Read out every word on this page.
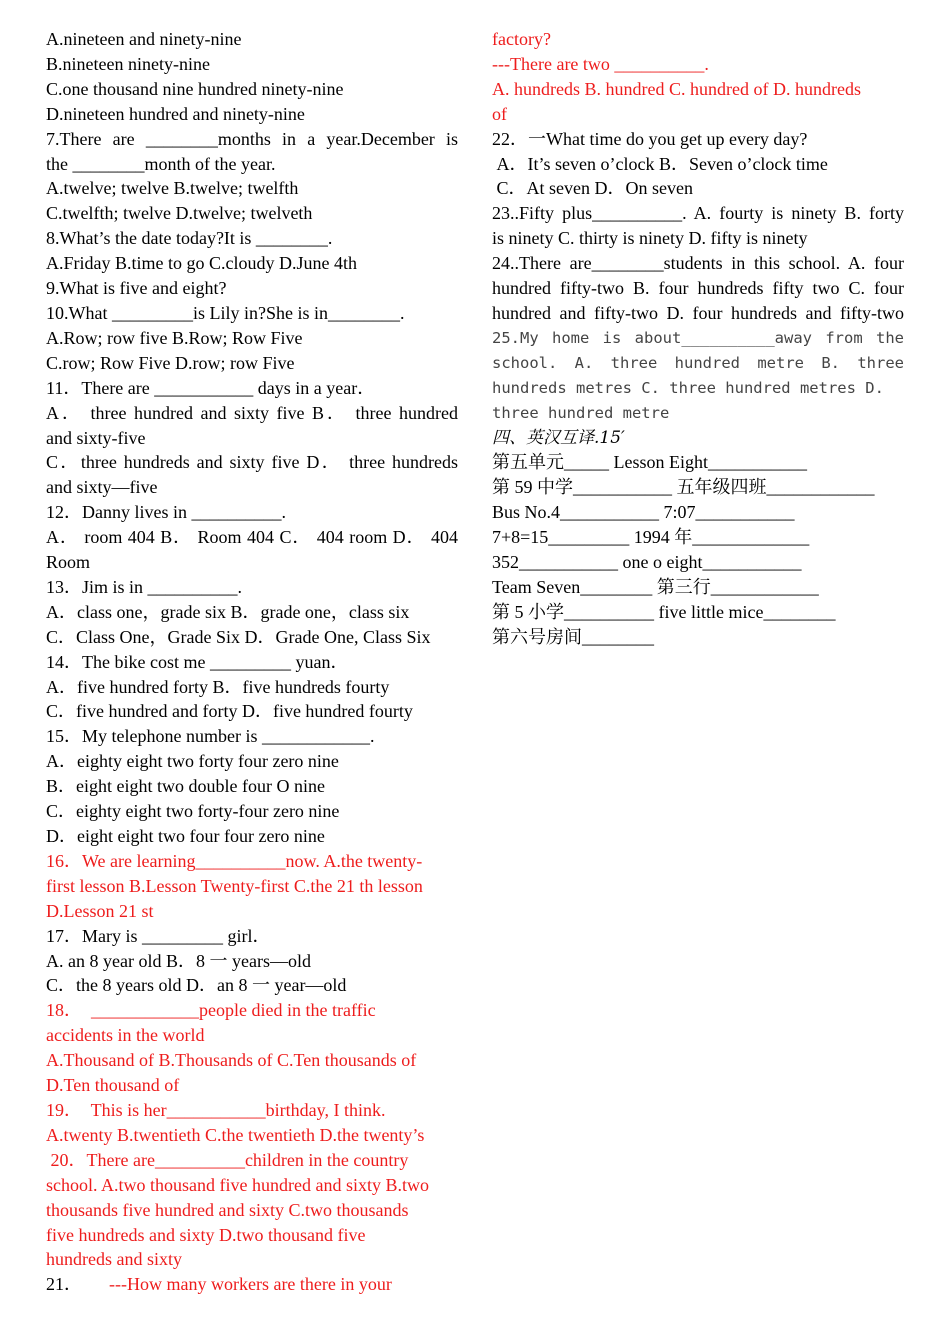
A.nineteen and ninety-nine
B.nineteen ninety-nine
C.one thousand nine hundred ninety-nine
D.nineteen hundred and ninety-nine
7.There are ________months in a year.December is
the ________month of the year.
A.twelve; twelve B.twelve; twelfth
C.twelfth; twelve D.twelve; twelveth
8.What’s the date today?It is ________.
A.Friday B.time to go C.cloudy D.June 4th
9.What is five and eight?
10.What _________is Lily in?She is in________.
A.Row; row five B.Row; Row Five
C.row; Row Five D.row; row Five
11．There are ___________ days in a year．
A． three hundred and sixty five B． three hundred
and sixty-five
C．three hundreds and sixty five D． three hundreds
and sixty—five
12．Danny lives in __________.
A． room 404 B． Room 404 C． 404 room D． 404
Room
13．Jim is in __________.
A．class one，grade six B．grade one，class six
C．Class One，Grade Six D．Grade One, Class Six
14．The bike cost me _________ yuan．
A．five hundred forty B．five hundreds fourty
C．five hundred and forty D．five hundred fourty
15．My telephone number is ____________.
A．eighty eight two forty four zero nine
B．eight eight two double four O nine
C．eighty eight two forty-four zero nine
D．eight eight two four four zero nine
16．We are learning__________now. A.the twenty-
first lesson B.Lesson Twenty-first C.the 21 th lesson
D.Lesson 21 st
17．Mary is _________ girl．
A. an 8 year old B．8 一 years—old
C．the 8 years old D．an 8 一 year—old
18．  ____________people died in the traffic
accidents in the world
A.Thousand of B.Thousands of C.Ten thousands of
D.Ten thousand of
19．  This is her___________birthday, I think.
A.twenty B.twentieth C.the twentieth D.the twenty’s
20．There are__________children in the country
school. A.two thousand five hundred and sixty B.two
thousands five hundred and sixty C.two thousands
five hundreds and sixty D.two thousand five
hundreds and sixty
21．      ---How many workers are there in your
factory?
---There are two __________.
A. hundreds B. hundred C. hundred of D. hundreds
of
22．一What time do you get up every day?
A．It’s seven o’clock B．Seven o’clock time
C．At seven D．On seven
23..Fifty plus__________. A. fourty is ninety B. forty
is ninety C. thirty is ninety D. fifty is ninety
24..There are________students in this school. A. four
hundred fifty-two B. four hundreds fifty two C. four
hundred and fifty-two D. four hundreds and fifty-two
25.My home is about__________away from the
school. A. three hundred metre B. three
hundreds metres C. three hundred metres D.
three hundred metre
四、英汉互译.15′
第五单元_____ Lesson Eight___________
第 59 中学___________ 五年级四班____________
Bus No.4___________ 7:07___________
7+8=15_________ 1994 年_____________
352___________ one o eight___________
Team Seven________ 第三行____________
第 5 小学__________ five little mice________
第六号房间________
